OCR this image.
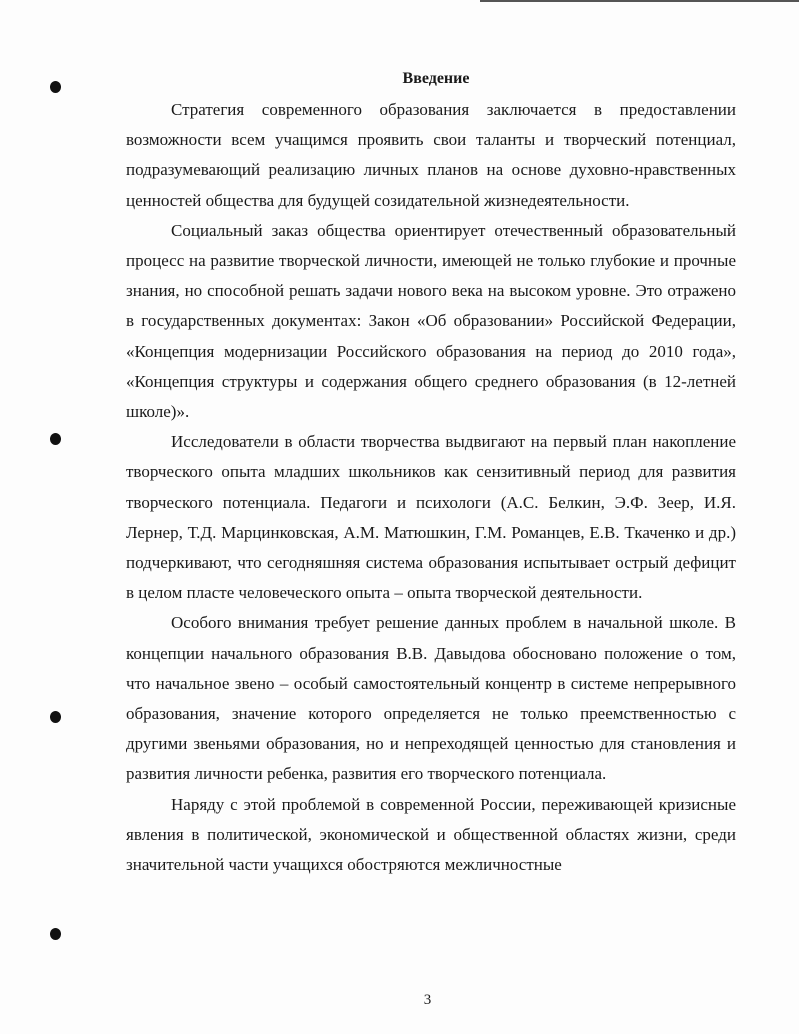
Введение

Стратегия современного образования заключается в предоставлении возможности всем учащимся проявить свои таланты и творческий потенциал, подразумевающий реализацию личных планов на основе духовно-нравственных ценностей общества для будущей созидательной жизнедеятельности.

Социальный заказ общества ориентирует отечественный образовательный процесс на развитие творческой личности, имеющей не только глубокие и прочные знания, но способной решать задачи нового века на высоком уровне. Это отражено в государственных документах: Закон «Об образовании» Российской Федерации, «Концепция модернизации Российского образования на период до 2010 года», «Концепция структуры и содержания общего среднего образования (в 12-летней школе)».

Исследователи в области творчества выдвигают на первый план накопление творческого опыта младших школьников как сензитивный период для развития творческого потенциала. Педагоги и психологи (А.С. Белкин, Э.Ф. Зеер, И.Я. Лернер, Т.Д. Марцинковская, А.М. Матюшкин, Г.М. Романцев, Е.В. Ткаченко и др.) подчеркивают, что сегодняшняя система образования испытывает острый дефицит в целом пласте человеческого опыта – опыта творческой деятельности.

Особого внимания требует решение данных проблем в начальной школе. В концепции начального образования В.В. Давыдова обосновано положение о том, что начальное звено – особый самостоятельный концентр в системе непрерывного образования, значение которого определяется не только преемственностью с другими звеньями образования, но и непреходящей ценностью для становления и развития личности ребенка, развития его творческого потенциала.

Наряду с этой проблемой в современной России, переживающей кризисные явления в политической, экономической и общественной областях жизни, среди значительной части учащихся обостряются межличностные

3
